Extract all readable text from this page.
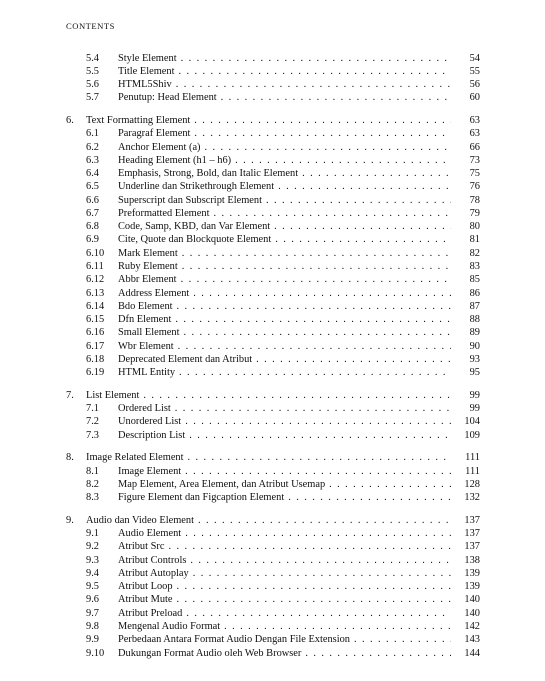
CONTENTS
5.4 Style Element . . .	54
5.5 Title Element . . .	55
5.6 HTML5Shiv . . .	56
5.7 Penutup: Head Element . . .	60
6. Text Formatting Element . . .	63
6.1 Paragraf Element . . .	63
6.2 Anchor Element (a) . . .	66
6.3 Heading Element (h1 – h6) . . .	73
6.4 Emphasis, Strong, Bold, dan Italic Element . . .	75
6.5 Underline dan Strikethrough Element . . .	76
6.6 Superscript dan Subscript Element . . .	78
6.7 Preformatted Element . . .	79
6.8 Code, Samp, KBD, dan Var Element . . .	80
6.9 Cite, Quote dan Blockquote Element . . .	81
6.10 Mark Element . . .	82
6.11 Ruby Element . . .	83
6.12 Abbr Element . . .	85
6.13 Address Element . . .	86
6.14 Bdo Element . . .	87
6.15 Dfn Element . . .	88
6.16 Small Element . . .	89
6.17 Wbr Element . . .	90
6.18 Deprecated Element dan Atribut . . .	93
6.19 HTML Entity . . .	95
7. List Element . . .	99
7.1 Ordered List . . .	99
7.2 Unordered List . . .	104
7.3 Description List . . .	109
8. Image Related Element . . .	111
8.1 Image Element . . .	111
8.2 Map Element, Area Element, dan Atribut Usemap . . .	128
8.3 Figure Element dan Figcaption Element . . .	132
9. Audio dan Video Element . . .	137
9.1 Audio Element . . .	137
9.2 Atribut Src . . .	137
9.3 Atribut Controls . . .	138
9.4 Atribut Autoplay . . .	139
9.5 Atribut Loop . . .	139
9.6 Atribut Mute . . .	140
9.7 Atribut Preload . . .	140
9.8 Mengenal Audio Format . . .	142
9.9 Perbedaan Antara Format Audio Dengan File Extension . . .	143
9.10 Dukungan Format Audio oleh Web Browser . . .	144
